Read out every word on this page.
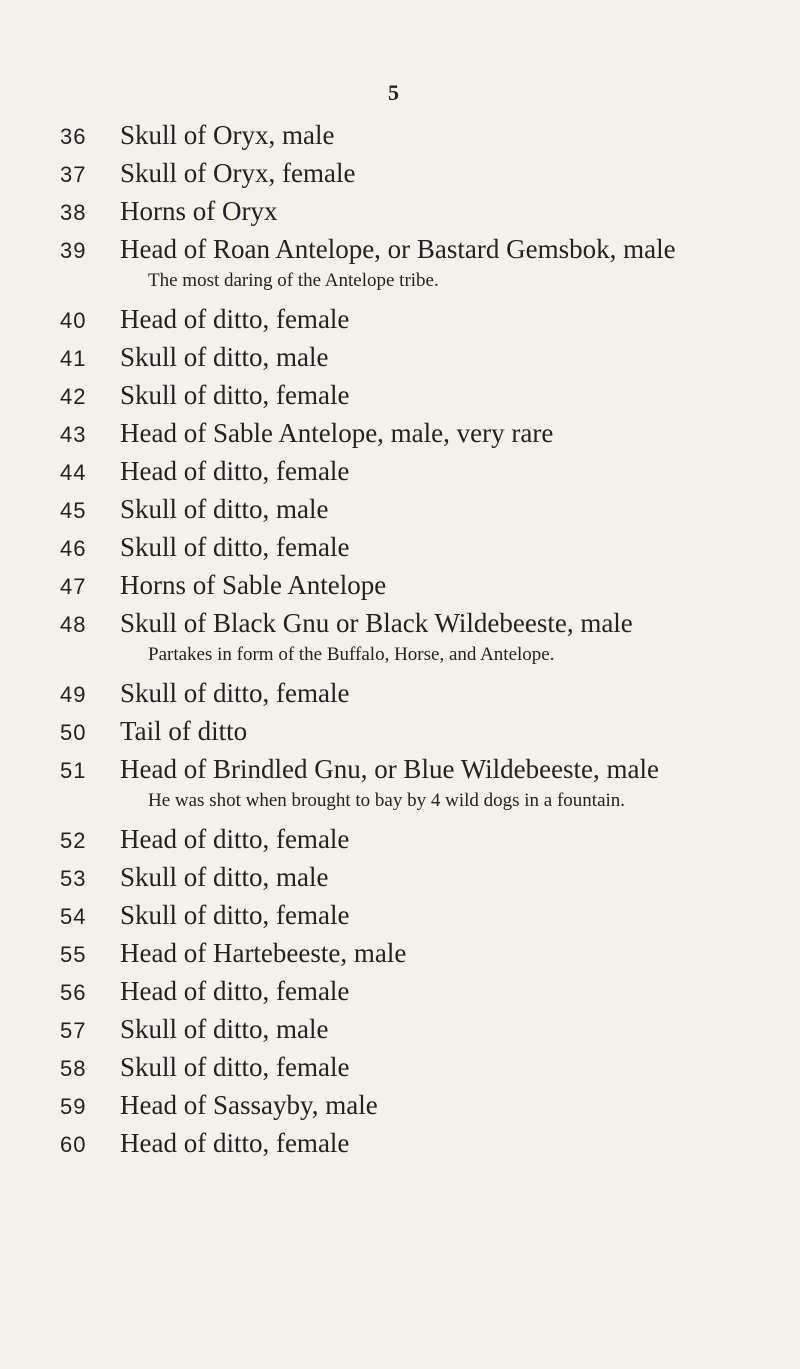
5
36 Skull of Oryx, male
37 Skull of Oryx, female
38 Horns of Oryx
39 Head of Roan Antelope, or Bastard Gemsbok, male
The most daring of the Antelope tribe.
40 Head of ditto, female
41 Skull of ditto, male
42 Skull of ditto, female
43 Head of Sable Antelope, male, very rare
44 Head of ditto, female
45 Skull of ditto, male
46 Skull of ditto, female
47 Horns of Sable Antelope
48 Skull of Black Gnu or Black Wildebeeste, male
Partakes in form of the Buffalo, Horse, and Antelope.
49 Skull of ditto, female
50 Tail of ditto
51 Head of Brindled Gnu, or Blue Wildebeeste, male
He was shot when brought to bay by 4 wild dogs in a fountain.
52 Head of ditto, female
53 Skull of ditto, male
54 Skull of ditto, female
55 Head of Hartebeeste, male
56 Head of ditto, female
57 Skull of ditto, male
58 Skull of ditto, female
59 Head of Sassayby, male
60 Head of ditto, female
